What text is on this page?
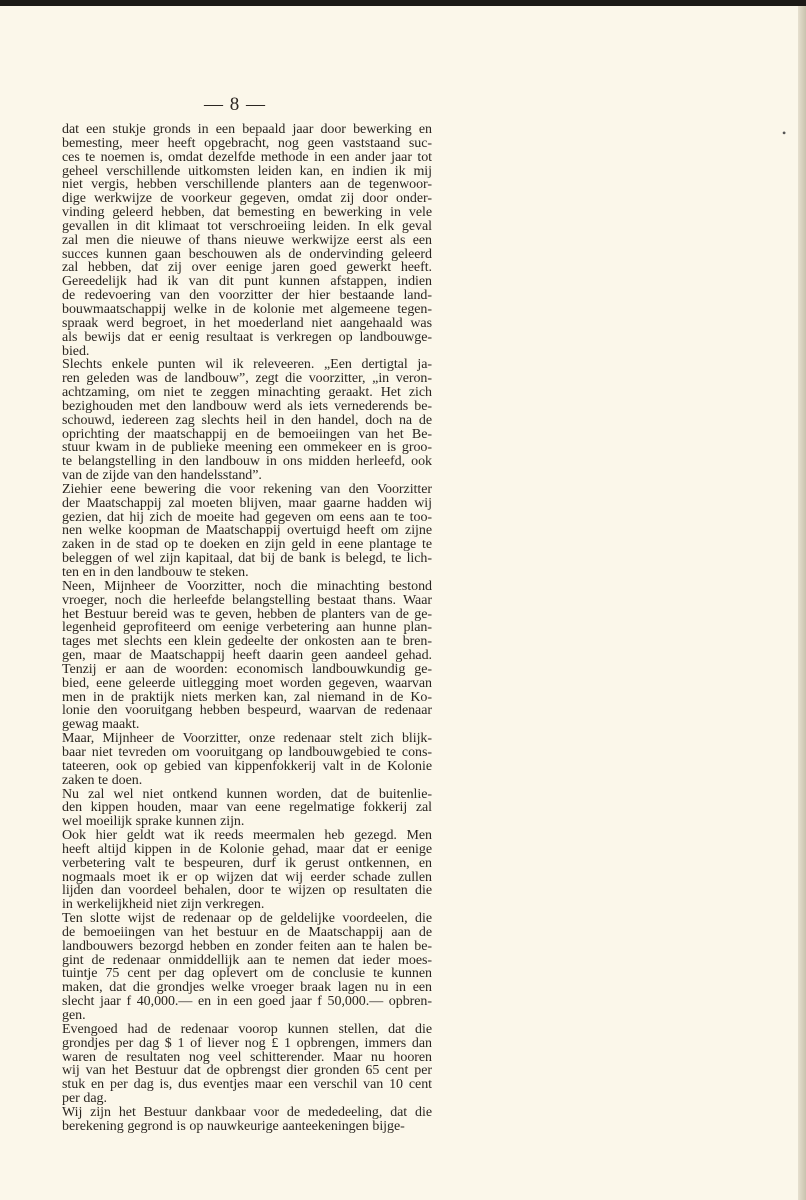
— 8 —
•

dat een stukje gronds in een bepaald jaar door bewerking en

bemesting, meer heeft opgebracht, nog geen vaststaand suc-

ces te noemen is, omdat dezelfde methode in een ander jaar tot

geheel verschillende uitkomsten leiden kan, en indien ik mij

niet vergis, hebben verschillende planters aan de tegenwoor-

dige werkwijze de voorkeur gegeven, omdat zij door onder-

vinding geleerd hebben, dat bemesting en bewerking in vele

gevallen in dit klimaat tot verschroeiing leiden. In elk geval

zal men die nieuwe of thans nieuwe werkwijze eerst als een

succes kunnen gaan beschouwen als de ondervinding geleerd

zal hebben, dat zij over eenige jaren goed gewerkt heeft.

Gereedelijk had ik van dit punt kunnen afstappen, indien

de redevoering van den voorzitter der hier bestaande land-

bouwmaatschappij welke in de kolonie met algemeene tegen-

spraak werd begroet, in het moederland niet aangehaald was

als bewijs dat er eenig resultaat is verkregen op landbouwge-

bied.

Slechts enkele punten wil ik releveeren. „Een dertigtal ja-

ren geleden was de landbouw”, zegt die voorzitter, „in veron-

achtzaming, om niet te zeggen minachting geraakt. Het zich

bezighouden met den landbouw werd als iets vernederends be-

schouwd, iedereen zag slechts heil in den handel, doch na de

oprichting der maatschappij en de bemoeiingen van het Be-

stuur kwam in de publieke meening een ommekeer en is groo-

te belangstelling in den landbouw in ons midden herleefd, ook

van de zijde van den handelsstand”.

Ziehier eene bewering die voor rekening van den Voorzitter

der Maatschappij zal moeten blijven, maar gaarne hadden wij

gezien, dat hij zich de moeite had gegeven om eens aan te too-

nen welke koopman de Maatschappij overtuigd heeft om zijne

zaken in de stad op te doeken en zijn geld in eene plantage te

beleggen of wel zijn kapitaal, dat bij de bank is belegd, te lich-

ten en in den landbouw te steken.

Neen, Mijnheer de Voorzitter, noch die minachting bestond

vroeger, noch die herleefde belangstelling bestaat thans. Waar

het Bestuur bereid was te geven, hebben de planters van de ge-

legenheid geprofiteerd om eenige verbetering aan hunne plan-

tages met slechts een klein gedeelte der onkosten aan te bren-

gen, maar de Maatschappij heeft daarin geen aandeel gehad.

Tenzij er aan de woorden: economisch landbouwkundig ge-

bied, eene geleerde uitlegging moet worden gegeven, waarvan

men in de praktijk niets merken kan, zal niemand in de Ko-

lonie den vooruitgang hebben bespeurd, waarvan de redenaar

gewag maakt.

Maar, Mijnheer de Voorzitter, onze redenaar stelt zich blijk-

baar niet tevreden om vooruitgang op landbouwgebied te cons-

tateeren, ook op gebied van kippenfokkerij valt in de Kolonie

zaken te doen.

Nu zal wel niet ontkend kunnen worden, dat de buitenlie-

den kippen houden, maar van eene regelmatige fokkerij zal

wel moeilijk sprake kunnen zijn.

Ook hier geldt wat ik reeds meermalen heb gezegd. Men

heeft altijd kippen in de Kolonie gehad, maar dat er eenige

verbetering valt te bespeuren, durf ik gerust ontkennen, en

nogmaals moet ik er op wijzen dat wij eerder schade zullen

lijden dan voordeel behalen, door te wijzen op resultaten die

in werkelijkheid niet zijn verkregen.

Ten slotte wijst de redenaar op de geldelijke voordeelen, die

de bemoeiingen van het bestuur en de Maatschappij aan de

landbouwers bezorgd hebben en zonder feiten aan te halen be-

gint de redenaar onmiddellijk aan te nemen dat ieder moes-

tuintje 75 cent per dag oplevert om de conclusie te kunnen

maken, dat die grondjes welke vroeger braak lagen nu in een

slecht jaar f 40,000.— en in een goed jaar f 50,000.— opbren-

gen.

Evengoed had de redenaar voorop kunnen stellen, dat die

grondjes per dag $ 1 of liever nog £ 1 opbrengen, immers dan

waren de resultaten nog veel schitterender. Maar nu hooren

wij van het Bestuur dat de opbrengst dier gronden 65 cent per

stuk en per dag is, dus eventjes maar een verschil van 10 cent

per dag.

Wij zijn het Bestuur dankbaar voor de mededeeling, dat die

berekening gegrond is op nauwkeurige aanteekeningen bijge-
